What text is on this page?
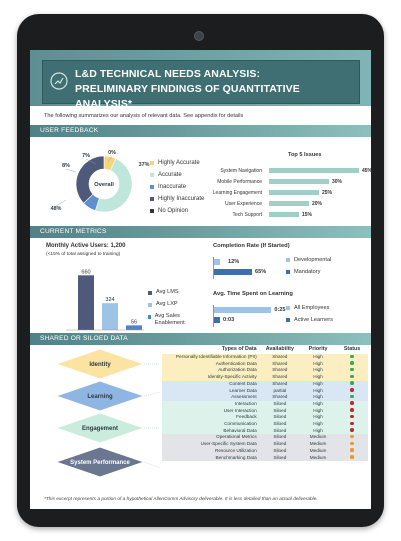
L&D TECHNICAL NEEDS ANALYSIS:
PRELIMINARY FINDINGS OF QUANTITATIVE ANALYSIS*
The following summarizes our analysis of relevant data. See appendix for details
USER FEEDBACK
Overall
37%
48%
8%
7%	0%	Top 5 Issues
CURRENT METRICS
Monthly Active Users: 1,200
(<15% of total assigned to training)
660
324
56
Completion Rate (If Started)
Avg. Time Spent on Learning
SHARED OR SILOED DATA
Identity
Learning
Engagement
System Performance
Types of Data	Availability	Priority	Status
Personally Identifiable Information (PII)	Shared	High	
Authentication Data	Shared	High	
Authorization Data	Shared	High	
Identity-Specific Activity	Shared	High	
Content Data	Shared	High	
Learner Data	partial	High	
Assessment	Shared	High	
Interaction	Siloed	High	
User Interaction	Siloed	High	
Feedback	Siloed	High	
Communication	Siloed	High	
Behavioral Data	Siloed	High	
Operational Metrics	Siloed	Medium	
User-Specific System Data	Siloed	Medium	
Resource Utilization	Siloed	Medium	
Benchmarking Data	Siloed	Medium	
*This excerpt represents a portion of a hypothetical AllenComm Advisory deliverable. It is less detailed than an actual deliverable.
Highly Accurate
Accurate
Inaccurate
Highly Inaccurate
No Opinion
System Navigation	45%
Mobile Performance	30%
Learning Engagement	25%
User Experience	20%
Tech Support	15%
Avg LMS
Avg LXP
Avg Sales Enablement
12%
65%
Developmental
Mandatory
0:25
0:03
All Employees
Active Learners
